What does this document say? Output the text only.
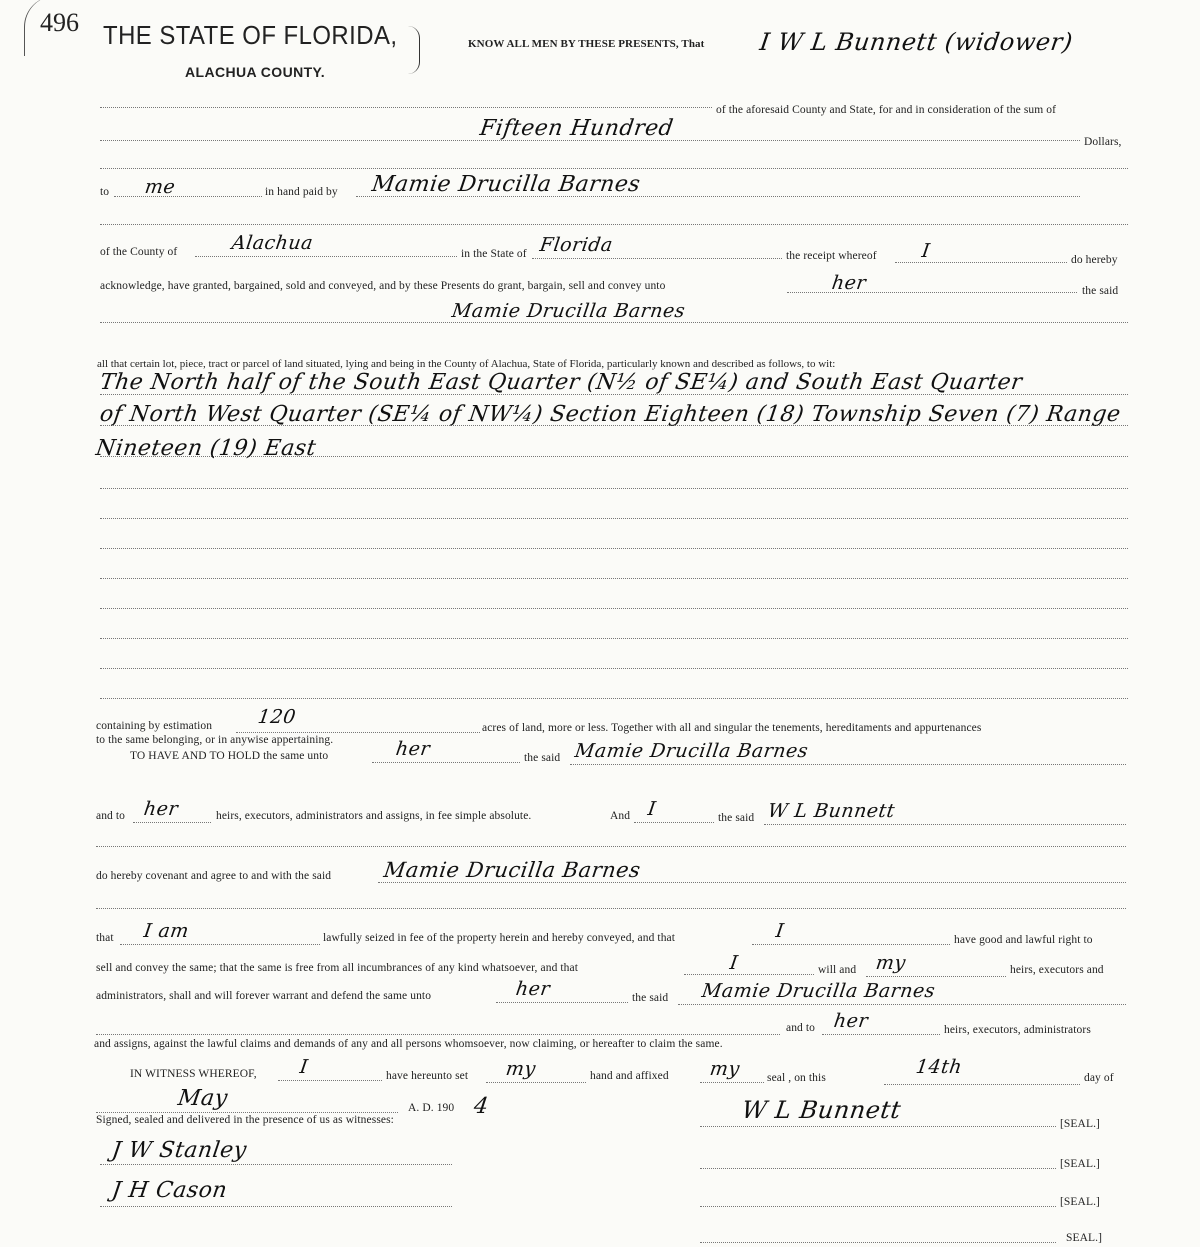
496 THE STATE OF FLORIDA,
ALACHUA COUNTY.
KNOW ALL MEN BY THESE PRESENTS, That I W L Bunnett (widower)
of the aforesaid County and State, for and in consideration of the sum of
Fifteen Hundred
Dollars,
to me	in hand paid by Mamie Drucilla Barnes
of the County of	Alachua	in the State of Florida	the receipt whereof I	do hereby
acknowledge, have granted, bargained, sold and conveyed, and by these Presents do grant, bargain, sell and convey unto	her	the said
Mamie Drucilla Barnes
all that certain lot, piece, tract or parcel of land situated, lying and being in the County of Alachua, State of Florida, particularly known and described as follows, to wit:
The North half of the South East Quarter (N½ of SE¼) and South East Quarter
of North West Quarter (SE¼ of NW¼) Section Eighteen (18) Township Seven (7) Range
Nineteen (19) East
containing by estimation 120	acres of land, more or less. Together with all and singular the tenements, hereditaments and appurtenances
to the same belonging, or in anywise appertaining.
TO HAVE AND TO HOLD the same unto	her	the said Mamie Drucilla Barnes
and to her	heirs, executors, administrators and assigns, in fee simple absolute.	And I	the said W L Bunnett
do hereby covenant and agree to and with the said Mamie Drucilla Barnes
that I am	lawfully seized in fee of the property herein and hereby conveyed, and that	I	have good and lawful right to
sell and convey the same; that the same is free from all incumbrances of any kind whatsoever, and that	I	will and my	heirs, executors and
administrators, shall and will forever warrant and defend the same unto	her	the said Mamie Drucilla Barnes
and to her	heirs, executors, administrators
and assigns, against the lawful claims and demands of any and all persons whomsoever, now claiming, or hereafter to claim the same.
IN WITNESS WHEREOF, I	have hereunto set my	hand and affixed my seal , on this	14th	day of
May	A. D. 190 4
Signed, sealed and delivered in the presence of us as witnesses:	W L Bunnett	[SEAL.]
J W Stanley
[SEAL.]
J H Cason	[SEAL.]
SEAL.]
